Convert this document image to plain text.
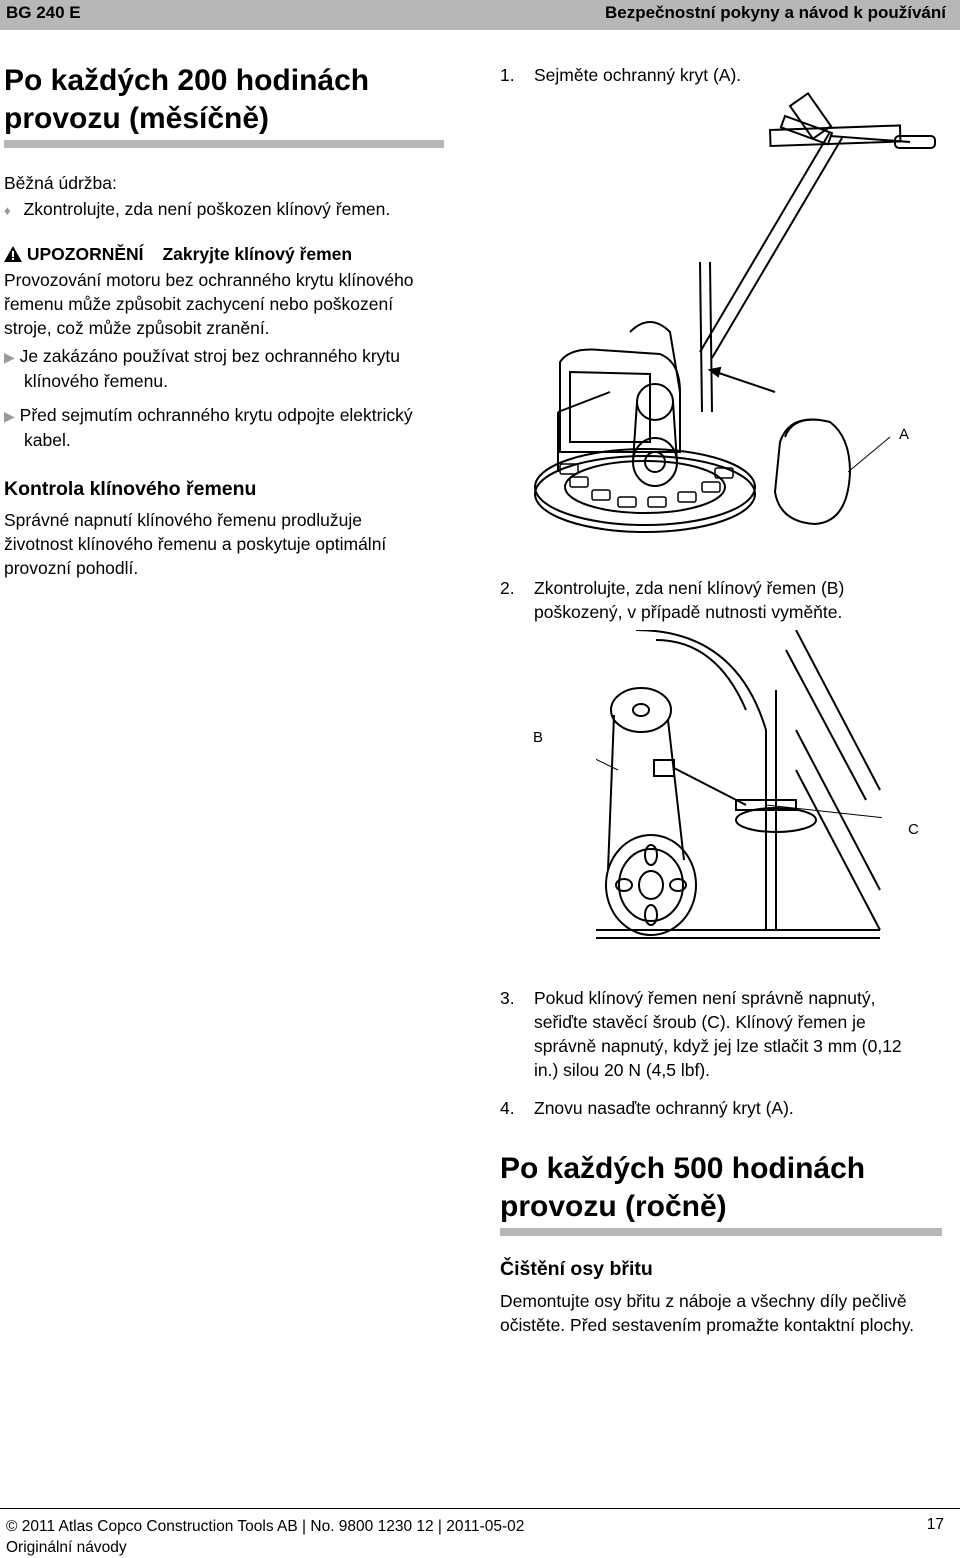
BG 240 E	Bezpečnostní pokyny a návod k používání
Po každých 200 hodinách
provozu (měsíčně)
Běžná údržba:
♦ Zkontrolujte, zda není poškozen klínový řemen.
UPOZORNĚNÍ Zakryjte klínový řemen
Provozování motoru bez ochranného krytu klínového
řemenu může způsobit zachycení nebo poškození
stroje, což může způsobit zranění.
▶ Je zakázáno používat stroj bez ochranného krytu
klínového řemenu.
▶ Před sejmutím ochranného krytu odpojte elektrický
kabel.
Kontrola klínového řemenu
Správné napnutí klínového řemenu prodlužuje
životnost klínového řemenu a poskytuje optimální
provozní pohodlí.
1. Sejměte ochranný kryt (A).
A
2. Zkontrolujte, zda není klínový řemen (B)
poškozený, v případě nutnosti vyměňte.
B
C
3. Pokud klínový řemen není správně napnutý,
seřiďte stavěcí šroub (C). Klínový řemen je
správně napnutý, když jej lze stlačit 3 mm (0,12
in.) silou 20 N (4,5 lbf).
4. Znovu nasaďte ochranný kryt (A).
Po každých 500 hodinách
provozu (ročně)
Čištění osy břitu
Demontujte osy břitu z náboje a všechny díly pečlivě
očistěte. Před sestavením promažte kontaktní plochy.
© 2011 Atlas Copco Construction Tools AB | No. 9800 1230 12 | 2011-05-02
Originální návody
17
